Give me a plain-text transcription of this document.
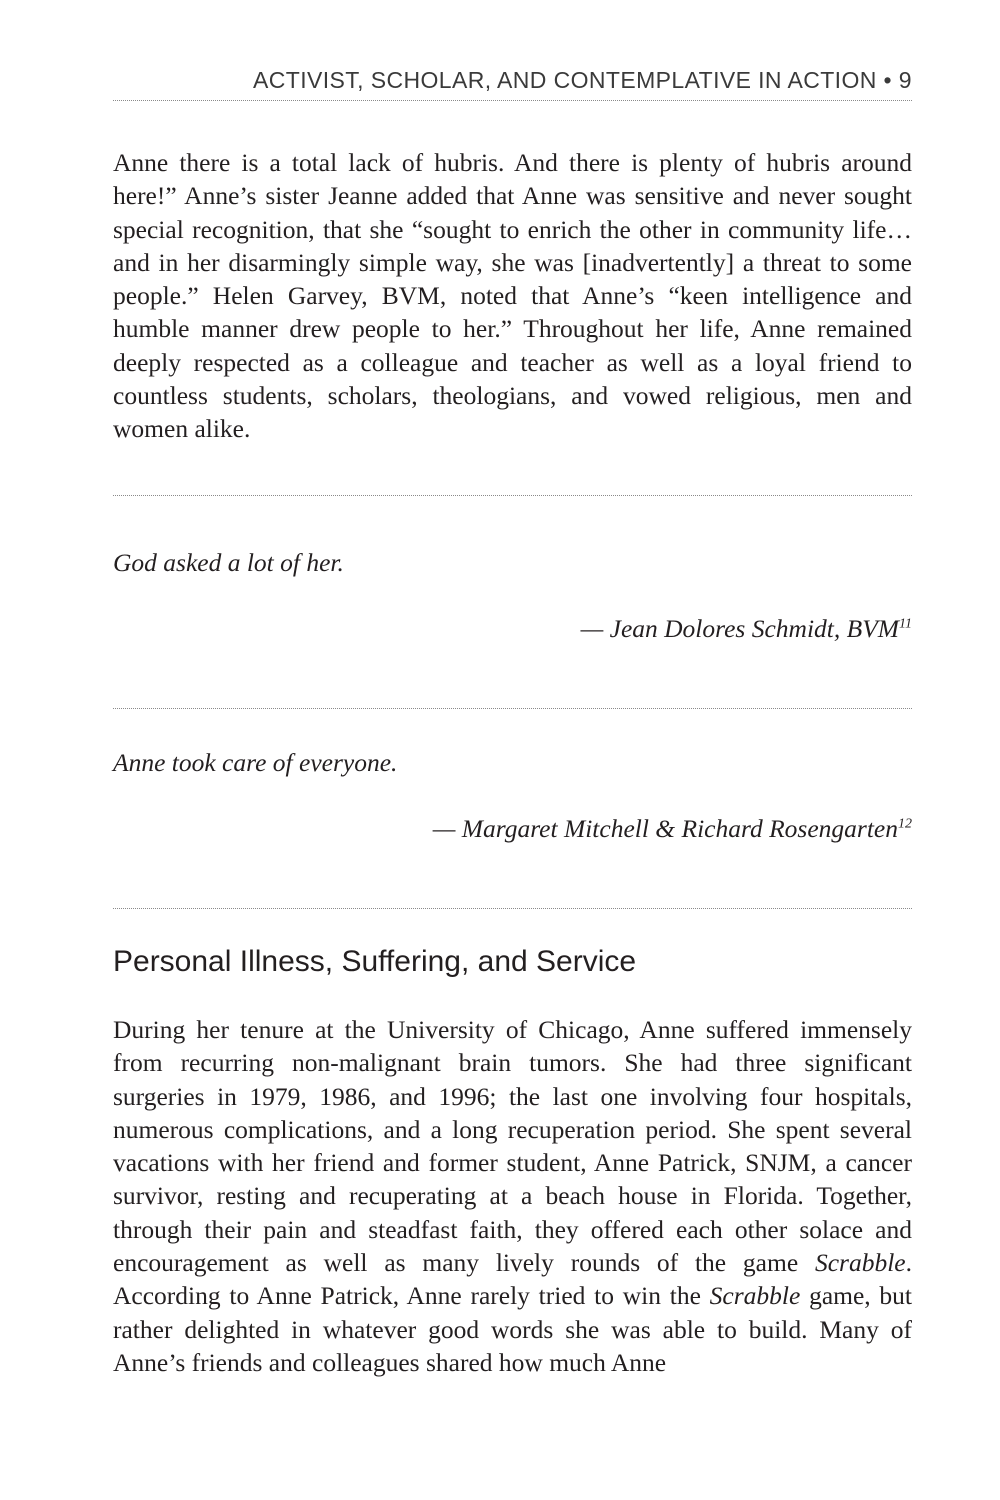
ACTIVIST, SCHOLAR, AND CONTEMPLATIVE IN ACTION • 9

Anne there is a total lack of hubris. And there is plenty of hubris around here!” Anne’s sister Jeanne added that Anne was sensitive and never sought special recognition, that she “sought to enrich the other in community life… and in her disarmingly simple way, she was [inadvertently] a threat to some people.” Helen Garvey, BVM, noted that Anne’s “keen intelligence and humble manner drew people to her.” Throughout her life, Anne remained deeply respected as a colleague and teacher as well as a loyal friend to countless students, scholars, theologians, and vowed religious, men and women alike.

God asked a lot of her.
— Jean Dolores Schmidt, BVM$^{11}$
Anne took care of everyone.
— Margaret Mitchell & Richard Rosengarten$^{12}$
Personal Illness, Suffering, and Service

During her tenure at the University of Chicago, Anne suffered immensely from recurring non-malignant brain tumors. She had three significant surgeries in 1979, 1986, and 1996; the last one involving four hospitals, numerous complications, and a long recuperation period. She spent several vacations with her friend and former student, Anne Patrick, SNJM, a cancer survivor, resting and recuperating at a beach house in Florida. Together, through their pain and steadfast faith, they offered each other solace and encouragement as well as many lively rounds of the game Scrabble. According to Anne Patrick, Anne rarely tried to win the Scrabble game, but rather delighted in whatever good words she was able to build. Many of Anne’s friends and colleagues shared how much Anne
